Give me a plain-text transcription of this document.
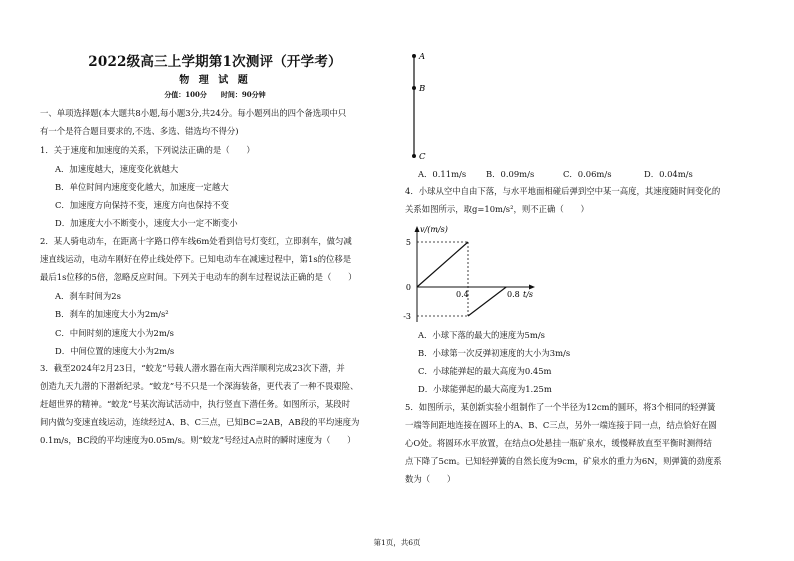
2022级高三上学期第1次测评（开学考）
物 理 试 题
分值：100分　　时间：90分钟
一、单项选择题(本大题共8小题,每小题3分,共24分。每小题列出的四个备选项中只
有一个是符合题目要求的,不选、多选、错选均不得分)
1．关于速度和加速度的关系，下列说法正确的是（　　）
A．加速度越大，速度变化就越大
B．单位时间内速度变化越大，加速度一定越大
C．加速度方向保持不变，速度方向也保持不变
D．加速度大小不断变小，速度大小一定不断变小
2．某人骑电动车，在距离十字路口停车线6m处看到信号灯变红，立即刹车，做匀减
速直线运动，电动车刚好在停止线处停下。已知电动车在减速过程中，第1s的位移是
最后1s位移的5倍，忽略反应时间。下列关于电动车的刹车过程说法正确的是（　　）
A．刹车时间为2s
B．刹车的加速度大小为2m/s²
C．中间时刻的速度大小为2m/s
D．中间位置的速度大小为2m/s
3．截至2024年2月23日，“蛟龙”号载人潜水器在南大西洋顺利完成23次下潜，并
创造九天九潜的下潜新纪录。“蛟龙”号不只是一个深海装备，更代表了一种不畏艰险、
赶超世界的精神。“蛟龙”号某次海试活动中，执行竖直下潜任务。如图所示，某段时
间内做匀变速直线运动，连续经过A、B、C三点，已知BC=2AB，AB段的平均速度为
0.1m/s，BC段的平均速度为0.05m/s。则“蛟龙”号经过A点时的瞬时速度为（　　）
A
B
C
A．0.11m/s B．0.09m/s	C．0.06m/s	D．0.04m/s
4．小球从空中自由下落，与水平地面相碰后弹到空中某一高度，其速度随时间变化的
关系如图所示，取g=10m/s²，则不正确（　　）
v/(m/s)
t/s
5
0
-3
0.4	0.8
A．小球下落的最大的速度为5m/s
B．小球第一次反弹初速度的大小为3m/s
C．小球能弹起的最大高度为0.45m
D．小球能弹起的最大高度为1.25m
5．如图所示，某创新实验小组制作了一个半径为12cm的圆环，将3个相同的轻弹簧
一端等间距地连接在圆环上的A、B、C三点，另外一端连接于同一点，结点恰好在圆
心O处。将圆环水平放置，在结点O处悬挂一瓶矿泉水，缓慢释放直至平衡时测得结
点下降了5cm。已知轻弹簧的自然长度为9cm，矿泉水的重力为6N，则弹簧的劲度系
数为（　　）
第1页，共6页
